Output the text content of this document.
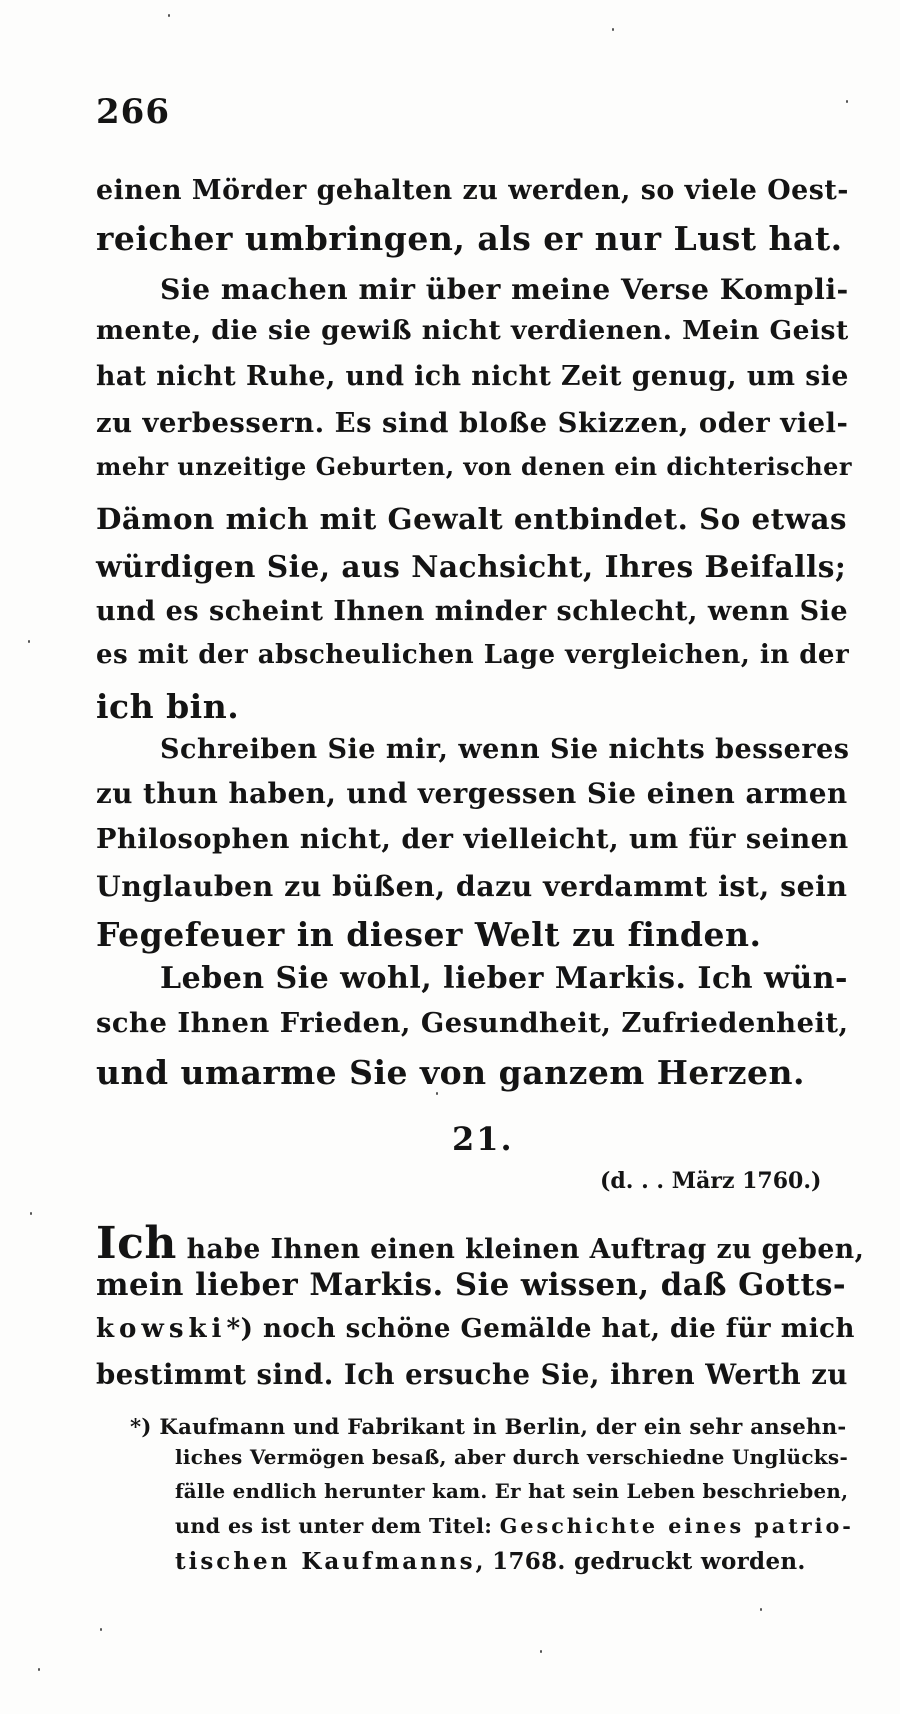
266
einen Mörder gehalten zu werden, so viele Oest-
reicher umbringen, als er nur Lust hat.
Sie machen mir über meine Verse Kompli-
mente, die sie gewiß nicht verdienen. Mein Geist
hat nicht Ruhe, und ich nicht Zeit genug, um sie
zu verbessern. Es sind bloße Skizzen, oder viel-
mehr unzeitige Geburten, von denen ein dichterischer
Dämon mich mit Gewalt entbindet. So etwas
würdigen Sie, aus Nachsicht, Ihres Beifalls;
und es scheint Ihnen minder schlecht, wenn Sie
es mit der abscheulichen Lage vergleichen, in der
ich bin.
Schreiben Sie mir, wenn Sie nichts besseres
zu thun haben, und vergessen Sie einen armen
Philosophen nicht, der vielleicht, um für seinen
Unglauben zu büßen, dazu verdammt ist, sein
Fegefeuer in dieser Welt zu finden.
Leben Sie wohl, lieber Markis. Ich wün-
sche Ihnen Frieden, Gesundheit, Zufriedenheit,
und umarme Sie von ganzem Herzen.
21.
(d. . . März 1760.)
Ich habe Ihnen einen kleinen Auftrag zu geben,
mein lieber Markis. Sie wissen, daß Gotts-
kowski*) noch schöne Gemälde hat, die für mich
bestimmt sind. Ich ersuche Sie, ihren Werth zu
*) Kaufmann und Fabrikant in Berlin, der ein sehr ansehn-
liches Vermögen besaß, aber durch verschiedne Unglücks-
fälle endlich herunter kam. Er hat sein Leben beschrieben,
und es ist unter dem Titel: Geschichte eines patrio-
tischen Kaufmanns, 1768. gedruckt worden.
